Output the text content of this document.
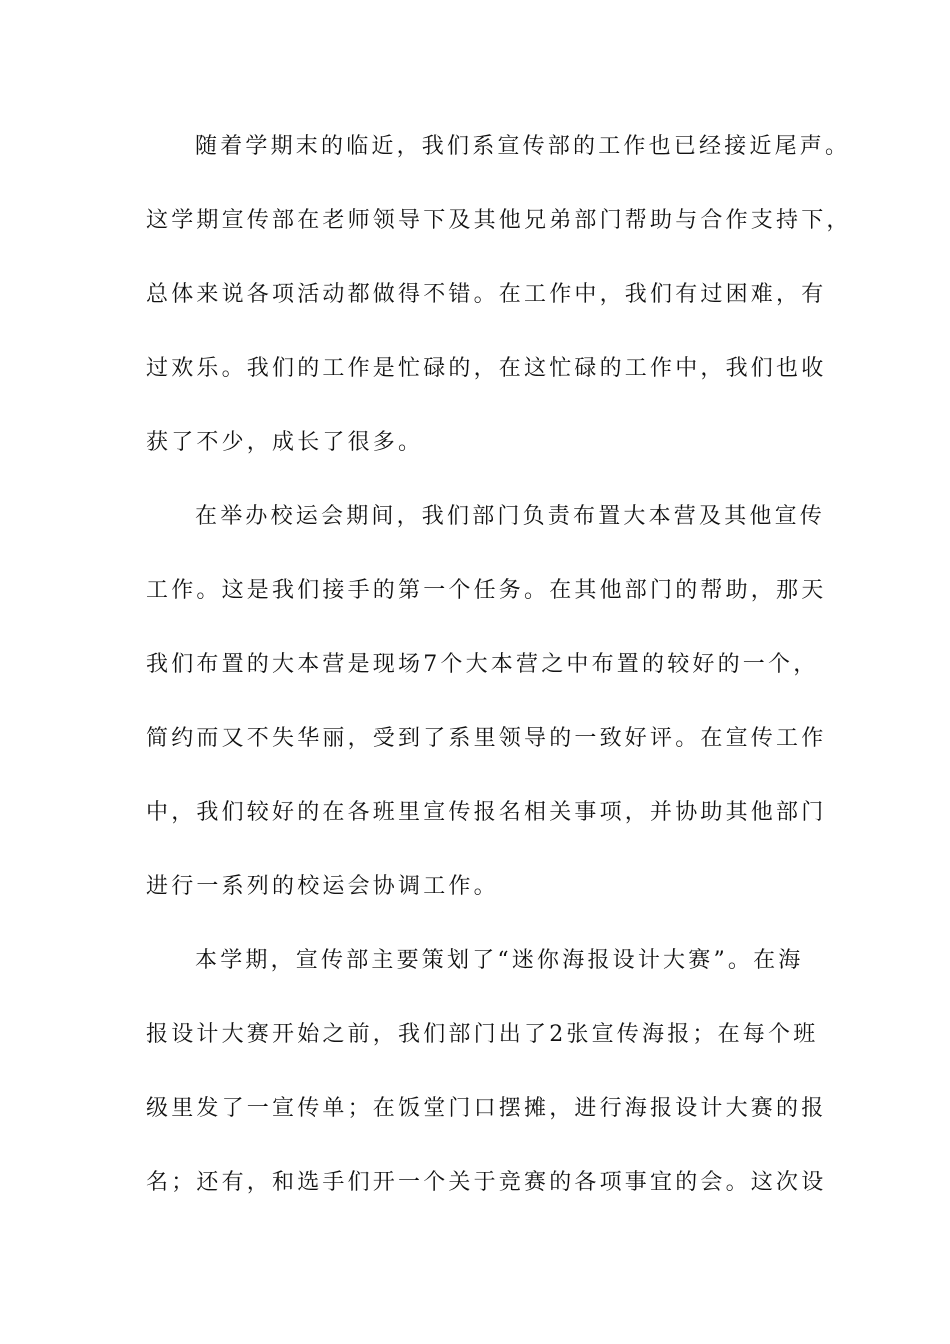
随着学期末的临近，我们系宣传部的工作也已经接近尾声。
这学期宣传部在老师领导下及其他兄弟部门帮助与合作支持下，
总体来说各项活动都做得不错。在工作中，我们有过困难，有
过欢乐。我们的工作是忙碌的，在这忙碌的工作中，我们也收
获了不少，成长了很多。
在举办校运会期间，我们部门负责布置大本营及其他宣传
工作。这是我们接手的第一个任务。在其他部门的帮助，那天
我们布置的大本营是现场7个大本营之中布置的较好的一个，
简约而又不失华丽，受到了系里领导的一致好评。在宣传工作
中，我们较好的在各班里宣传报名相关事项，并协助其他部门
进行一系列的校运会协调工作。
本学期，宣传部主要策划了“迷你海报设计大赛”。在海
报设计大赛开始之前，我们部门出了2张宣传海报；在每个班
级里发了一宣传单；在饭堂门口摆摊，进行海报设计大赛的报
名；还有，和选手们开一个关于竞赛的各项事宜的会。这次设
